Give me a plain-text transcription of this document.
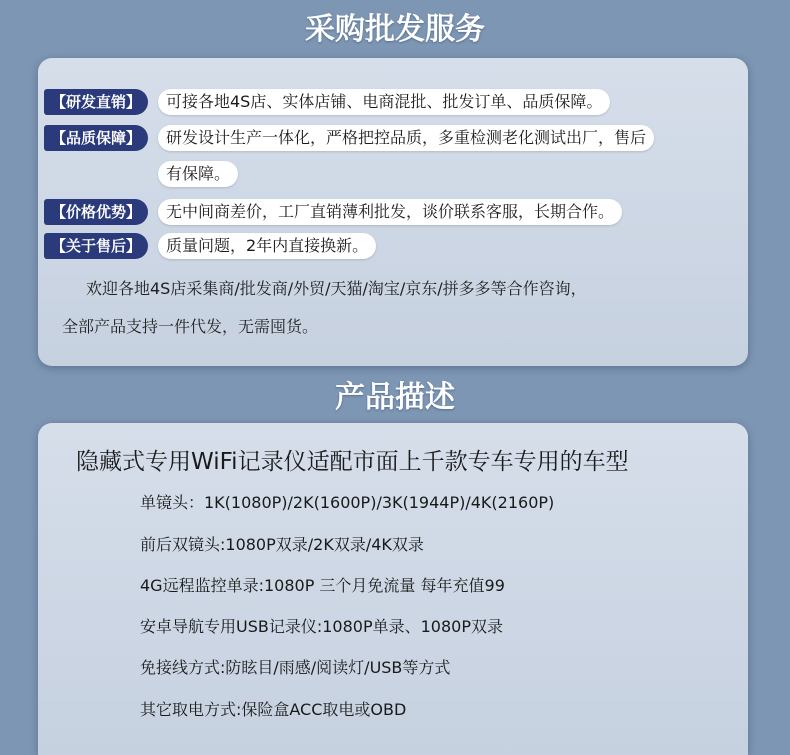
采购批发服务
【研发直销】	可接各地4S店、实体店铺、电商混批、批发订单、品质保障。
【品质保障】	研发设计生产一体化，严格把控品质，多重检测老化测试出厂，售后
有保障。
【价格优势】	无中间商差价，工厂直销薄利批发，谈价联系客服，长期合作。
【关于售后】	质量问题，2年内直接换新。
欢迎各地4S店采集商/批发商/外贸/天猫/淘宝/京东/拼多多等合作咨询，
全部产品支持一件代发，无需囤货。
产品描述
隐藏式专用WiFi记录仪适配市面上千款专车专用的车型
单镜头：1K(1080P)/2K(1600P)/3K(1944P)/4K(2160P)
前后双镜头:1080P双录/2K双录/4K双录
4G远程监控单录:1080P 三个月免流量 每年充值99
安卓导航专用USB记录仪:1080P单录、1080P双录
免接线方式:防眩目/雨感/阅读灯/USB等方式
其它取电方式:保险盒ACC取电或OBD
